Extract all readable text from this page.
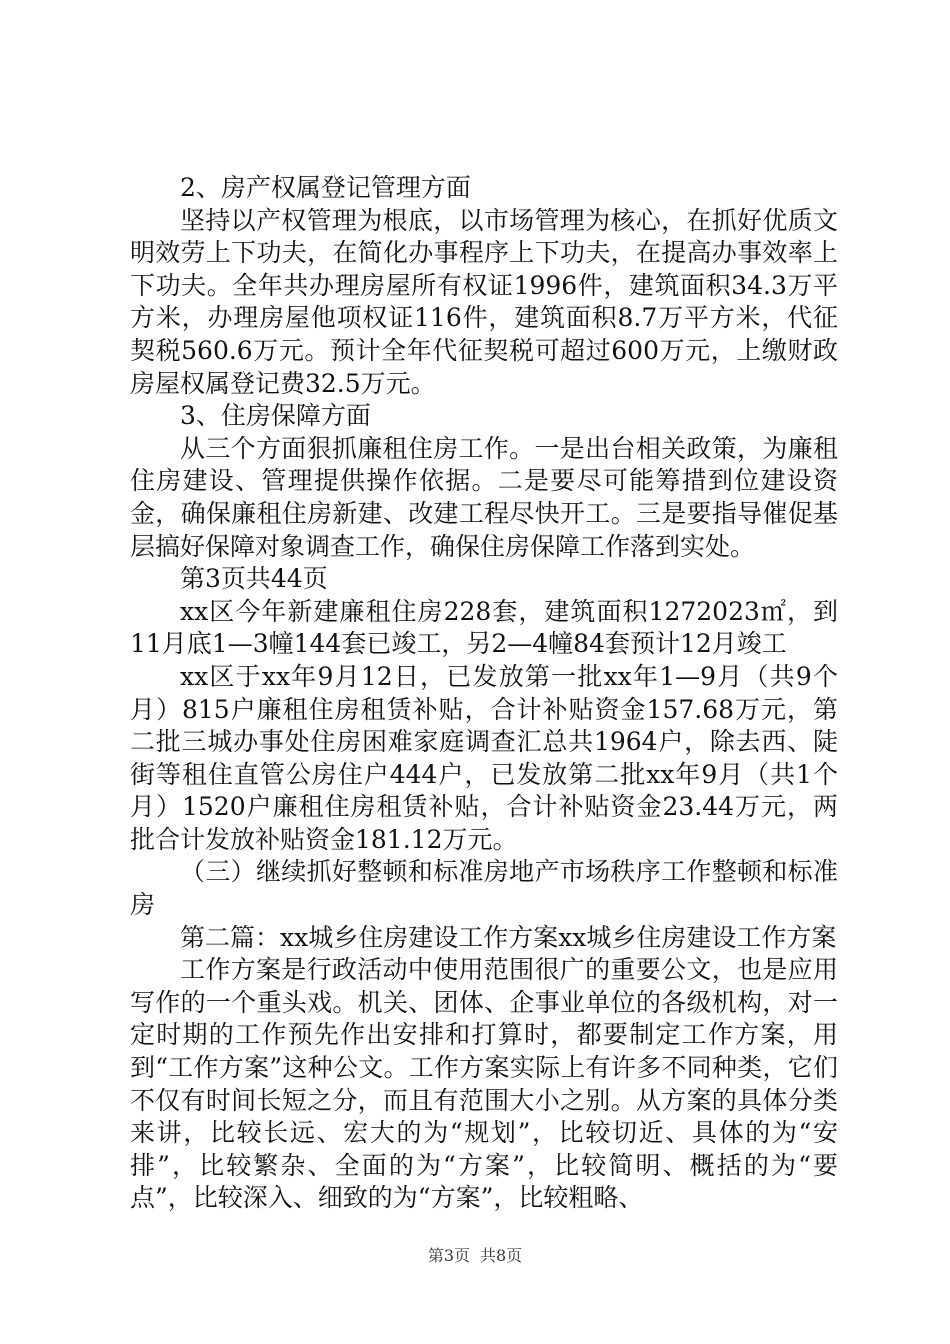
2、房产权属登记管理方面

坚持以产权管理为根底，以市场管理为核心，在抓好优质文明效劳上下功夫，在简化办事程序上下功夫，在提高办事效率上下功夫。全年共办理房屋所有权证1996件，建筑面积34.3万平方米，办理房屋他项权证116件，建筑面积8.7万平方米，代征契税560.6万元。预计全年代征契税可超过600万元，上缴财政房屋权属登记费32.5万元。

3、住房保障方面

从三个方面狠抓廉租住房工作。一是出台相关政策，为廉租住房建设、管理提供操作依据。二是要尽可能筹措到位建设资金，确保廉租住房新建、改建工程尽快开工。三是要指导催促基层搞好保障对象调查工作，确保住房保障工作落到实处。

第3页共44页

xx区今年新建廉租住房228套，建筑面积1272023㎡，到11月底1—3幢144套已竣工，另2—4幢84套预计12月竣工

xx区于xx年9月12日，已发放第一批xx年1—9月（共9个月）815户廉租住房租赁补贴，合计补贴资金157.68万元，第二批三城办事处住房困难家庭调查汇总共1964户，除去西、陡街等租住直管公房住户444户，已发放第二批xx年9月（共1个月）1520户廉租住房租赁补贴，合计补贴资金23.44万元，两批合计发放补贴资金181.12万元。

（三）继续抓好整顿和标准房地产市场秩序工作整顿和标准房

第二篇：xx城乡住房建设工作方案xx城乡住房建设工作方案

工作方案是行政活动中使用范围很广的重要公文，也是应用写作的一个重头戏。机关、团体、企事业单位的各级机构，对一定时期的工作预先作出安排和打算时，都要制定工作方案，用到“工作方案”这种公文。工作方案实际上有许多不同种类，它们不仅有时间长短之分，而且有范围大小之别。从方案的具体分类来讲，比较长远、宏大的为“规划”，比较切近、具体的为“安排”，比较繁杂、全面的为“方案”，比较简明、概括的为“要点”，比较深入、细致的为“方案”，比较粗略、

第3页 共8页
